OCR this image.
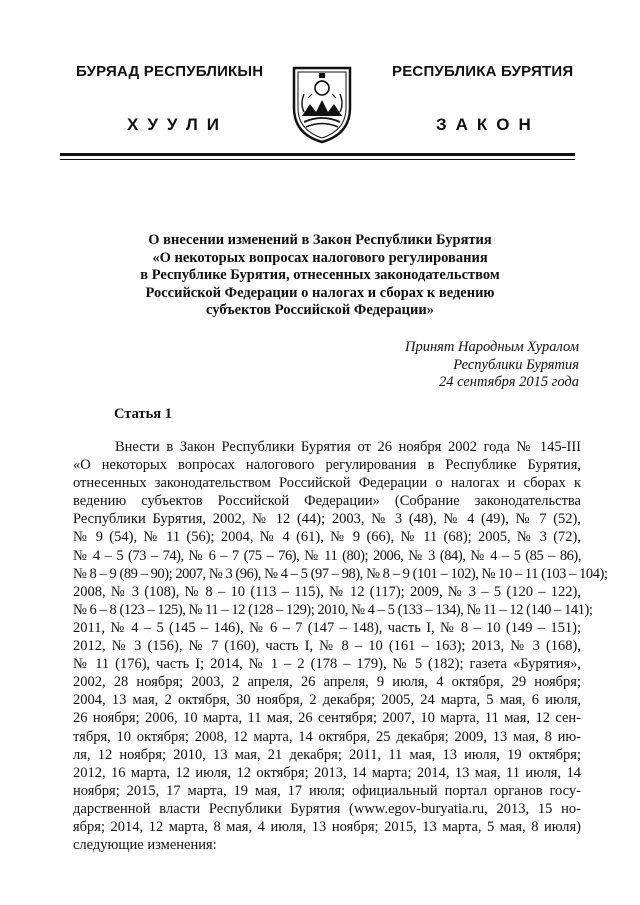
БУРЯАД РЕСПУБЛИКЫН
ХУУЛИ
РЕСПУБЛИКА БУРЯТИЯ
ЗАКОН
О внесении изменений в Закон Республики Бурятия
«О некоторых вопросах налогового регулирования
в Республике Бурятия, отнесенных законодательством
Российской Федерации о налогах и сборах к ведению
субъектов Российской Федерации»
Принят Народным Хуралом
Республики Бурятия
24 сентября 2015 года
Статья 1
Внести в Закон Республики Бурятия от 26 ноября 2002 года № 145-III
«О некоторых вопросах налогового регулирования в Республике Бурятия,
отнесенных законодательством Российской Федерации о налогах и сборах к
ведению субъектов Российской Федерации» (Собрание законодательства
Республики Бурятия, 2002, № 12 (44); 2003, № 3 (48), № 4 (49), № 7 (52),
№ 9 (54), № 11 (56); 2004, № 4 (61), № 9 (66), № 11 (68); 2005, № 3 (72),
№ 4 – 5 (73 – 74), № 6 – 7 (75 – 76), № 11 (80); 2006, № 3 (84), № 4 – 5 (85 – 86),
№ 8 – 9 (89 – 90); 2007, № 3 (96), № 4 – 5 (97 – 98), № 8 – 9 (101 – 102), № 10 – 11 (103 – 104);
2008, № 3 (108), № 8 – 10 (113 – 115), № 12 (117); 2009, № 3 – 5 (120 – 122),
№ 6 – 8 (123 – 125), № 11 – 12 (128 – 129); 2010, № 4 – 5 (133 – 134), № 11 – 12 (140 – 141);
2011, № 4 – 5 (145 – 146), № 6 – 7 (147 – 148), часть I, № 8 – 10 (149 – 151);
2012, № 3 (156), № 7 (160), часть I, № 8 – 10 (161 – 163); 2013, № 3 (168),
№ 11 (176), часть I; 2014, № 1 – 2 (178 – 179), № 5 (182); газета «Бурятия»,
2002, 28 ноября; 2003, 2 апреля, 26 апреля, 9 июля, 4 октября, 29 ноября;
2004, 13 мая, 2 октября, 30 ноября, 2 декабря; 2005, 24 марта, 5 мая, 6 июля,
26 ноября; 2006, 10 марта, 11 мая, 26 сентября; 2007, 10 марта, 11 мая, 12 сен-
тября, 10 октября; 2008, 12 марта, 14 октября, 25 декабря; 2009, 13 мая, 8 ию-
ля, 12 ноября; 2010, 13 мая, 21 декабря; 2011, 11 мая, 13 июля, 19 октября;
2012, 16 марта, 12 июля, 12 октября; 2013, 14 марта; 2014, 13 мая, 11 июля, 14
ноября; 2015, 17 марта, 19 мая, 17 июля; официальный портал органов госу-
дарственной власти Республики Бурятия (www.egov-buryatia.ru, 2013, 15 но-
ября; 2014, 12 марта, 8 мая, 4 июля, 13 ноября; 2015, 13 марта, 5 мая, 8 июля)
следующие изменения:
